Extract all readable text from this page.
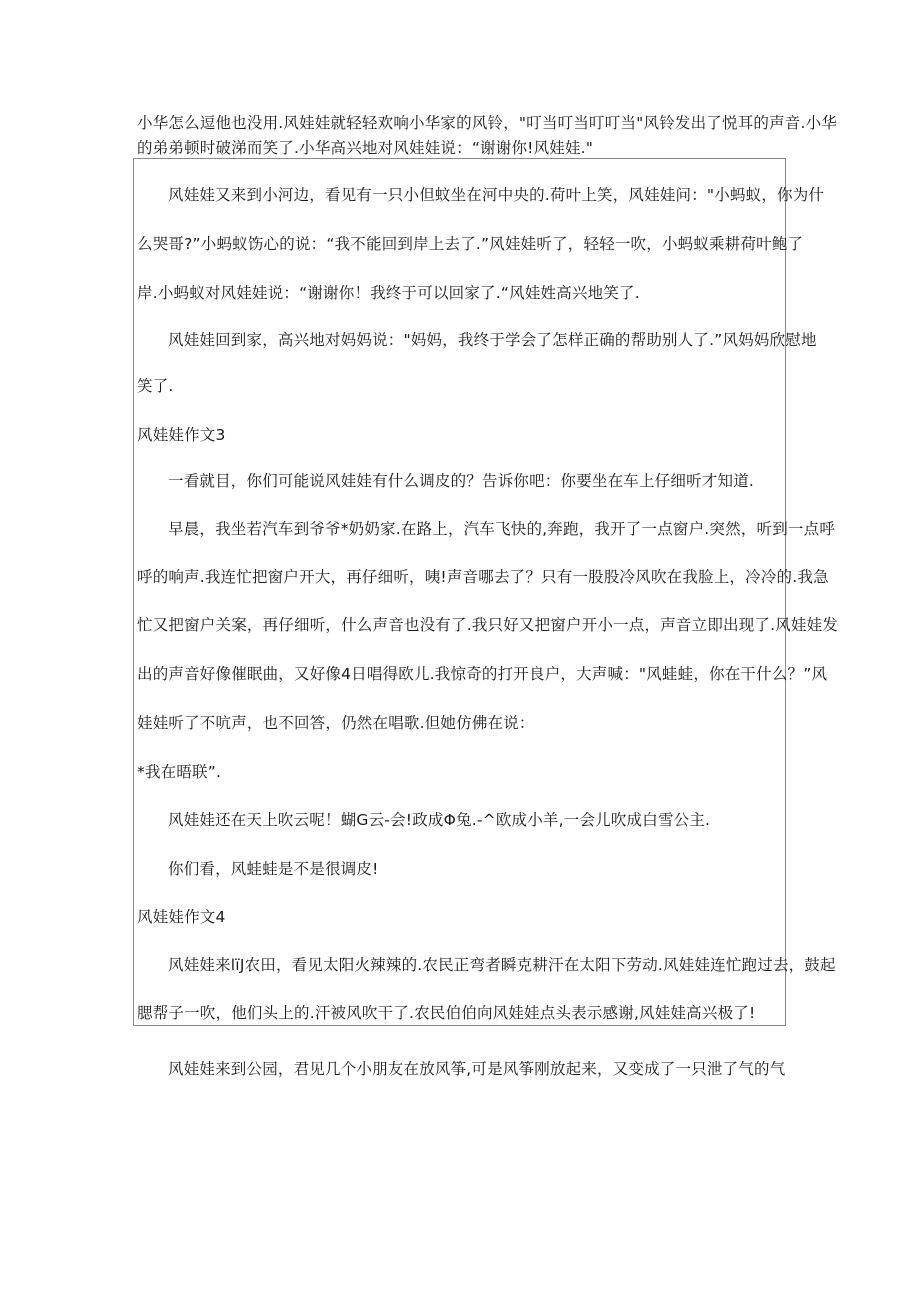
小华怎么逗他也没用.风娃娃就轻轻欢响小华家的风铃，"叮当叮当叮叮当"风铃发出了悦耳的声音.小华
的弟弟顿时破涕而笑了.小华高兴地对风娃娃说：“谢谢你!风娃娃."
风娃娃又来到小河边，看见有一只小但蚊坐在河中央的.荷叶上笑，风娃娃问："小蚂蚁，你为什
么哭哥?”小蚂蚁饬心的说：“我不能回到岸上去了.”风娃娃听了，轻轻一吹，小蚂蚁乘耕荷叶鲍了
岸.小蚂蚁对风娃娃说：“谢谢你！我终于可以回家了.“风娃姓高兴地笑了.
风娃娃回到家，高兴地对妈妈说："妈妈，我终于学会了怎样正确的帮助别人了.”风妈妈欣慰地
笑了.
风娃娃作文3
一看就目，你们可能说风娃娃有什么调皮的？告诉你吧：你要坐在车上仔细听才知道.
早晨，我坐若汽车到爷爷*奶奶家.在路上，汽车飞快的,奔跑，我开了一点窗户.突然，听到一点呼
呼的响声.我连忙把窗户开大，再仔细听，咦!声音哪去了？只有一股股冷风吹在我脸上，冷冷的.我急
忙又把窗户关案，再仔细听，什么声音也没有了.我只好又把窗户开小一点，声音立即出现了.风娃娃发
出的声音好像催眠曲，又好像4日唱得欧儿.我惊奇的打开良户，大声喊："风蛙蛙，你在干什么？”风
娃娃听了不吭声，也不回答，仍然在唱歌.但她仿佛在说：
*我在晤联”.
风娃娃还在天上吹云呢！蝴G云-会!政成Φ兔.-^欧成小羊,一会儿吹成白雪公主.
你们看，风蛙蛙是不是很调皮!
风娃娃作文4
风娃娃来lïJ农田，看见太阳火辣辣的.农民正弯者瞬克耕汗在太阳下劳动.风娃娃连忙跑过去，鼓起
腮帮子一吹，他们头上的.汗被风吹干了.农民伯伯向风娃娃点头表示感谢,风娃娃高兴极了!
风娃娃来到公园，君见几个小朋友在放风筝,可是风筝刚放起来，又变成了一只泄了气的气
